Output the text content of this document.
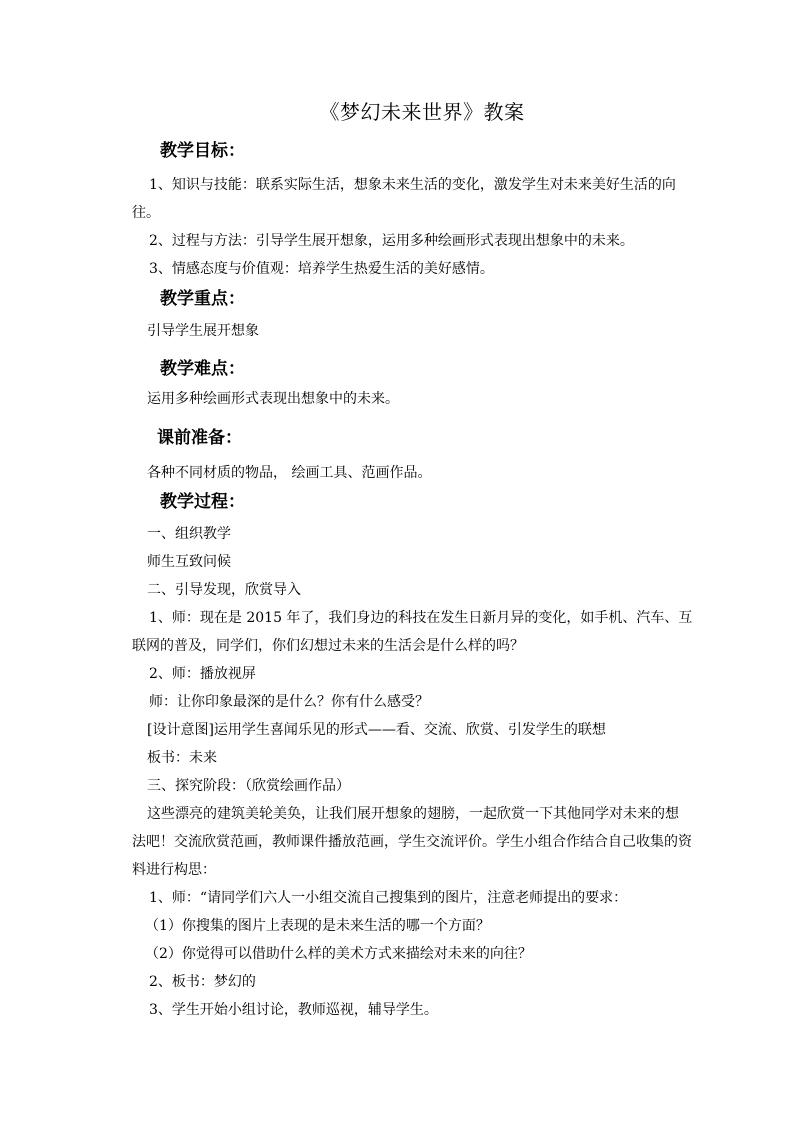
《梦幻未来世界》教案
教学目标：
1、知识与技能：联系实际生活，想象未来生活的变化，激发学生对未来美好生活的向
往。
2、过程与方法：引导学生展开想象，运用多种绘画形式表现出想象中的未来。
3、情感态度与价值观：培养学生热爱生活的美好感情。
教学重点：
引导学生展开想象
教学难点：
运用多种绘画形式表现出想象中的未来。
课前准备：
各种不同材质的物品， 绘画工具、范画作品。
教学过程：
一、组织教学
师生互致问候
二、引导发现，欣赏导入
1、师：现在是 2015 年了，我们身边的科技在发生日新月异的变化，如手机、汽车、互
联网的普及，同学们，你们幻想过未来的生活会是什么样的吗？
2、师：播放视屏
师：让你印象最深的是什么？你有什么感受？
[设计意图]运用学生喜闻乐见的形式——看、交流、欣赏、引发学生的联想
板书：未来
三、探究阶段：（欣赏绘画作品）
这些漂亮的建筑美轮美奂，让我们展开想象的翅膀，一起欣赏一下其他同学对未来的想
法吧！交流欣赏范画，教师课件播放范画，学生交流评价。学生小组合作结合自己收集的资
料进行构思：
1、师：“请同学们六人一小组交流自己搜集到的图片，注意老师提出的要求：
（1）你搜集的图片上表现的是未来生活的哪一个方面？
（2）你觉得可以借助什么样的美术方式来描绘对未来的向往？
2、板书：梦幻的
3、学生开始小组讨论，教师巡视，辅导学生。
